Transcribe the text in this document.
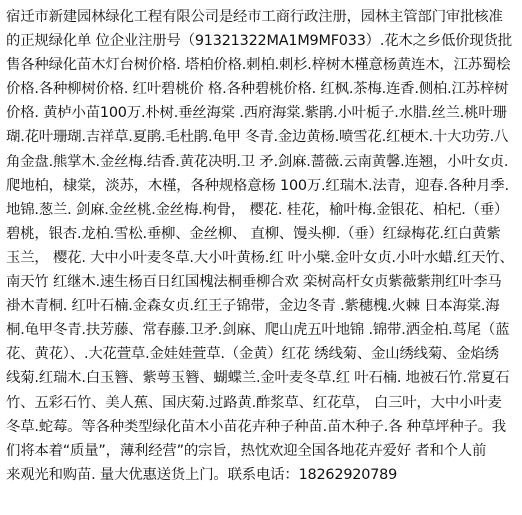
宿迁市新建园林绿化工程有限公司是经市工商行政注册，园林主管部门审批核准
的正规绿化单 位企业注册号（91321322MA1M9MF033）.花木之乡低价现货批
售各种绿化苗木灯台树价格. 塔柏价格.刺柏.刺杉.梓树木槿意杨黄连木，江苏蜀桧
价格.各种柳树价格. 红叶碧桃价 格.各种碧桃价格. 红枫.茶梅.连香.侧柏.江苏梓树
价格. 黄栌小苗100万.朴树.垂丝海棠 .西府海棠.紫鹃.小叶栀子.水腊.丝兰.桃叶珊
瑚.花叶珊瑚.吉祥草.夏鹃.毛杜鹃.龟甲 冬青.金边黄杨.喷雪花.红梗木.十大功劳.八
角金盘.熊掌木.金丝梅.结香.黄花决明.卫 矛.剑麻.蔷薇.云南黄馨.连翘，小叶女贞.
爬地柏，棣棠，淡苏，木槿，各种规格意杨 100万.红瑞木.法青，迎春.各种月季.
地锦.葱兰. 剑麻.金丝桃.金丝梅.枸骨， 樱花. 桂花，榆叶梅.金银花、柏杞.（垂）
碧桃，银杏.龙柏.雪松.垂柳、金丝柳、 直柳、馒头柳.（垂）红绿梅花.红白黄紫
玉兰， 樱花. 大中小叶麦冬草.大小叶黄杨.红 叶小檗.金叶女贞.小叶水蜡.红天竹、
南天竹 红继木.速生杨百日红国槐法桐垂柳合欢 栾树高杆女贞紫薇紫荆红叶李马
褂木青桐. 红叶石楠.金森女贞.红王子锦带，金边冬青 .紫穗槐.火棘 日本海棠.海
桐.龟甲冬青.扶芳藤、常春藤.卫矛.剑麻、爬山虎五叶地锦 .锦带.洒金柏.茑尾（蓝
花、黄花）、.大花萱草.金娃娃萱草.（金黄）红花 绣线菊、金山绣线菊、金焰绣
线菊.红瑞木.白玉簪、紫萼玉簪、蝴蝶兰.金叶麦冬草.红 叶石楠. 地被石竹.常夏石
竹、五彩石竹、美人蕉、国庆菊.过路黄.酢浆草、红花草， 白三叶，大中小叶麦
冬草.蛇莓。等各种类型绿化苗木小苗花卉种子种苗.苗木种子.各 种草坪种子。我
们将本着“质量”，薄利经营”的宗旨，热忱欢迎全国各地花卉爱好 者和个人前
来观光和购苗. 量大优惠送货上门。联系电话：18262920789
